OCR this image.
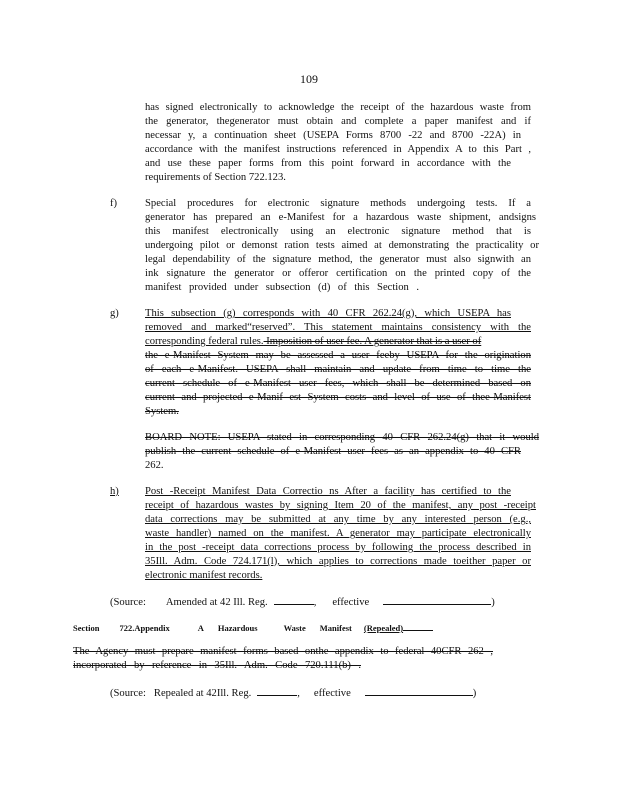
109
has signed electronically to acknowledge the receipt of the hazardous waste from
the generator, thegenerator must obtain and complete a paper manifest and if
necessar y, a continuation sheet (USEPA Forms 8700 -22 and 8700 -22A) in
accordance with the manifest instructions referenced in Appendix A to this Part ,
and use these paper forms from this point forward in accordance with the
requirements of Section 722.123.
f)	Special procedures for electronic signature methods undergoing tests. If a
generator has prepared an e-Manifest for a hazardous waste shipment, andsigns
this manifest electronically using an electronic signature method that is
undergoing pilot or demonst ration tests aimed at demonstrating the practicality or
legal dependability of the signature method, the generator must also signwith an
ink signature the generator or offeror certification on the printed copy of the
manifest provided under subsection (d) of this Section .
g) This subsection (g) corresponds with 40 CFR 262.24(g), which USEPA has
removed and marked“reserved”. This statement maintains consistency with the
corresponding federal rules. Imposition of user fee. A generator that is a user of
the e-Manifest System may be assessed a user feeby USEPA for the origination
of each e-Manifest. USEPA shall maintain and update from time to time the
current schedule of e-Manifest user fees, which shall be determined based on
current and projected e-Manif est System costs and level of use of thee-Manifest
System.
BOARD NOTE: USEPA stated in corresponding 40 CFR 262.24(g) that it would
publish the current schedule of e-Manifest user fees as an appendix to 40 CFR
262.
h) Post -Receipt Manifest Data Correctio ns After a facility has certified to the
receipt of hazardous wastes by signing Item 20 of the manifest, any post -receipt
data corrections may be submitted at any time by any interested person (e.g.,
waste handler) named on the manifest. A generator may participate electronically
in the post -receipt data corrections process by following the process described in
35Ill. Adm. Code 724.171(l), which applies to corrections made toeither paper or
electronic manifest records.
(Source: Amended at 42 Ill. Reg.	, effective	)
Section 722.Appendix	A Hazardous	Waste Manifest (Repealed)
The Agency must prepare manifest forms based onthe appendix to federal 40CFR 262 ,
incorporated by reference in 35Ill. Adm. Code 720.111(b) .
(Source: Repealed at 42Ill. Reg.	, effective	)
